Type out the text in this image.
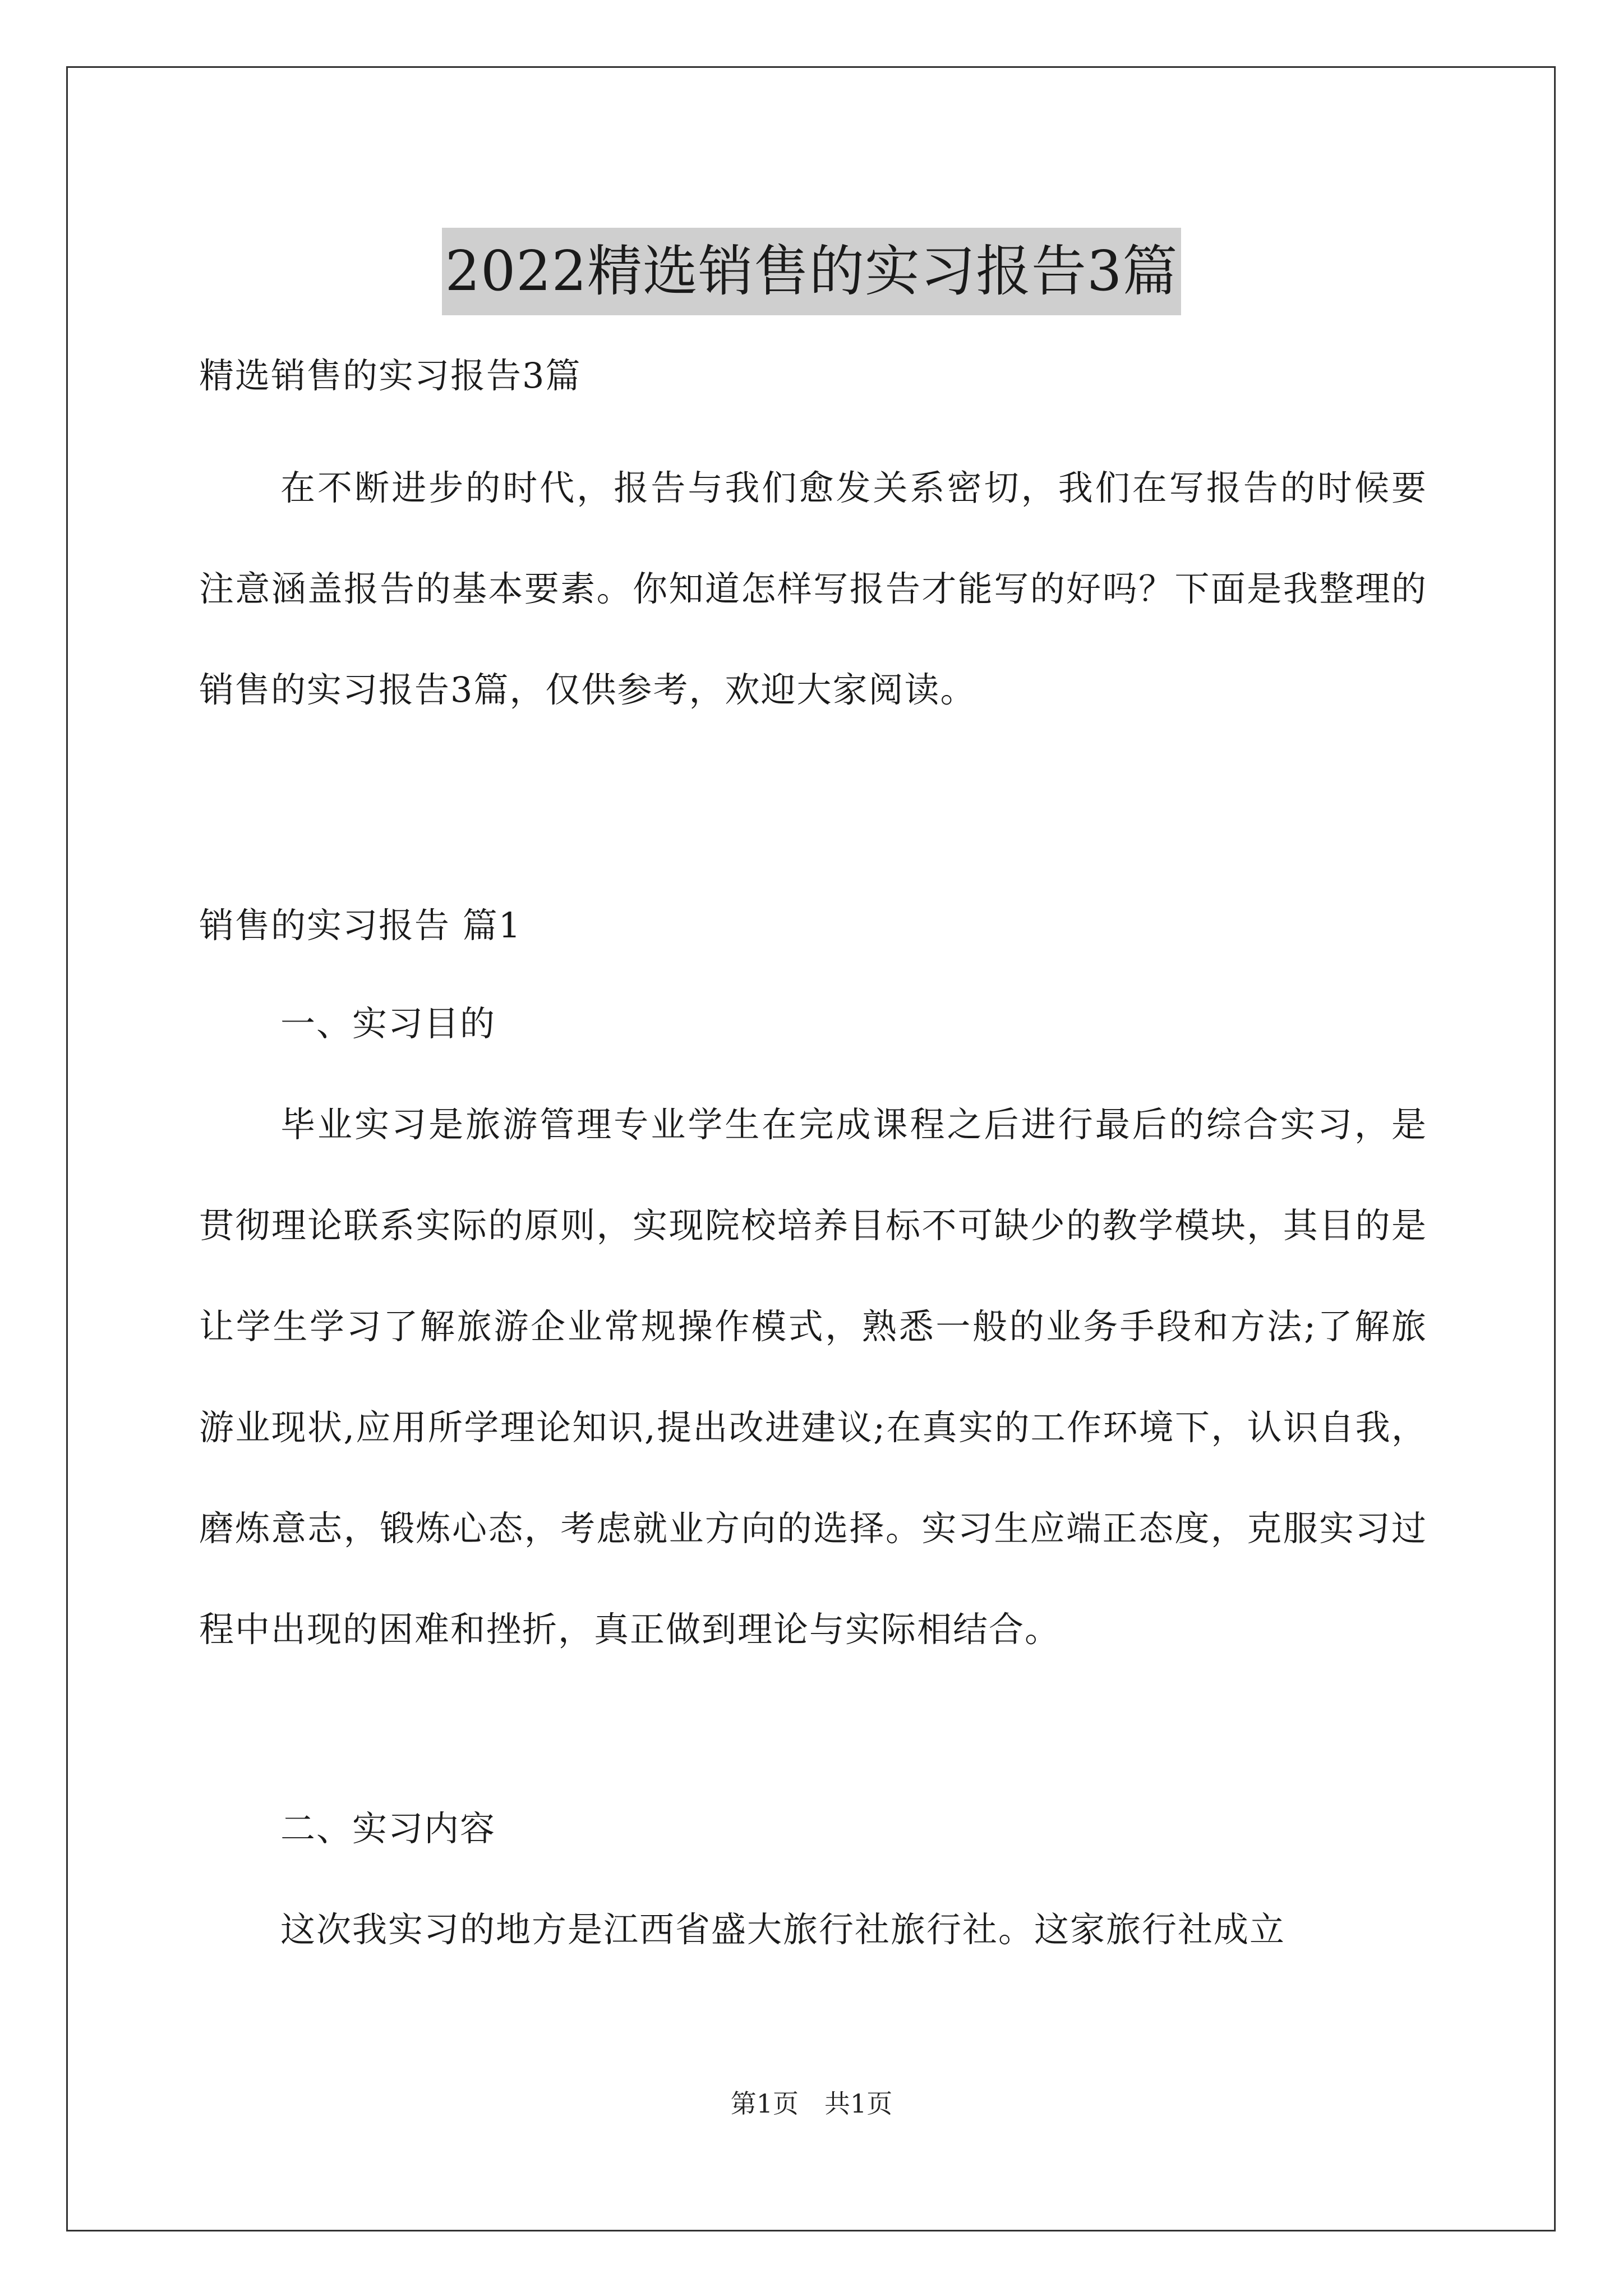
2022精选销售的实习报告3篇
精选销售的实习报告3篇
在不断进步的时代，报告与我们愈发关系密切，我们在写报告的时候要注意涵盖报告的基本要素。你知道怎样写报告才能写的好吗？下面是我整理的销售的实习报告3篇，仅供参考，欢迎大家阅读。
销售的实习报告 篇1
一、实习目的
毕业实习是旅游管理专业学生在完成课程之后进行最后的综合实习，是贯彻理论联系实际的原则，实现院校培养目标不可缺少的教学模块，其目的是让学生学习了解旅游企业常规操作模式，熟悉一般的业务手段和方法;了解旅游业现状,应用所学理论知识,提出改进建议;在真实的工作环境下，认识自我，磨炼意志，锻炼心态，考虑就业方向的选择。实习生应端正态度，克服实习过程中出现的困难和挫折，真正做到理论与实际相结合。
二、实习内容
这次我实习的地方是江西省盛大旅行社旅行社。这家旅行社成立
第1页　共1页
